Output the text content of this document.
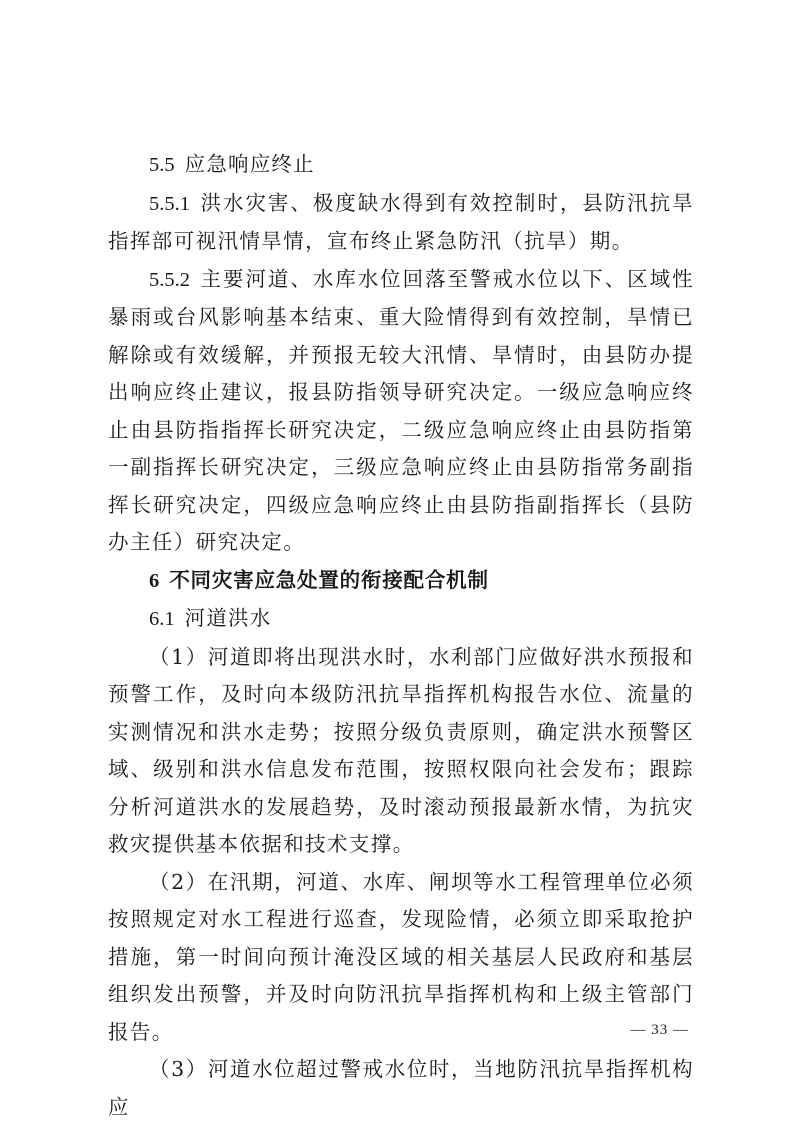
5.5 应急响应终止

5.5.1 洪水灾害、极度缺水得到有效控制时，县防汛抗旱指挥部可视汛情旱情，宣布终止紧急防汛（抗旱）期。

5.5.2 主要河道、水库水位回落至警戒水位以下、区域性暴雨或台风影响基本结束、重大险情得到有效控制，旱情已解除或有效缓解，并预报无较大汛情、旱情时，由县防办提出响应终止建议，报县防指领导研究决定。一级应急响应终止由县防指指挥长研究决定，二级应急响应终止由县防指第一副指挥长研究决定，三级应急响应终止由县防指常务副指挥长研究决定，四级应急响应终止由县防指副指挥长（县防办主任）研究决定。

6 不同灾害应急处置的衔接配合机制

6.1 河道洪水

（1）河道即将出现洪水时，水利部门应做好洪水预报和预警工作，及时向本级防汛抗旱指挥机构报告水位、流量的实测情况和洪水走势；按照分级负责原则，确定洪水预警区域、级别和洪水信息发布范围，按照权限向社会发布；跟踪分析河道洪水的发展趋势，及时滚动预报最新水情，为抗灾救灾提供基本依据和技术支撑。

（2）在汛期，河道、水库、闸坝等水工程管理单位必须按照规定对水工程进行巡查，发现险情，必须立即采取抢护措施，第一时间向预计淹没区域的相关基层人民政府和基层组织发出预警，并及时向防汛抗旱指挥机构和上级主管部门报告。

（3）河道水位超过警戒水位时，当地防汛抗旱指挥机构应

— 33 —
